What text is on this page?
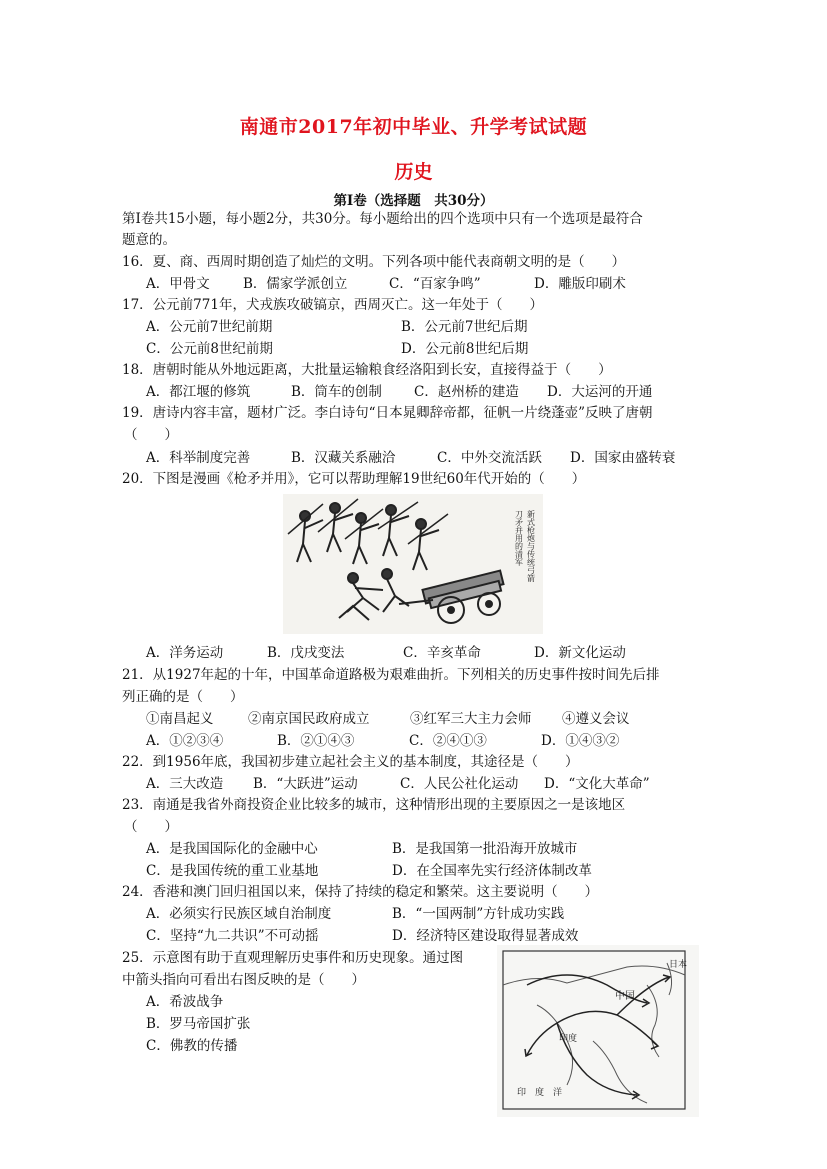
南通市2017年初中毕业、升学考试试题
历史
第Ⅰ卷（选择题　共30分）
第Ⅰ卷共15小题，每小题2分，共30分。每小题给出的四个选项中只有一个选项是最符合
题意的。
16．夏、商、西周时期创造了灿烂的文明。下列各项中能代表商朝文明的是（　　）
A．甲骨文 B．儒家学派创立	C．“百家争鸣”	D．雕版印刷术
17．公元前771年，犬戎族攻破镐京，西周灭亡。这一年处于（　　）
A．公元前7世纪前期	B．公元前7世纪后期
C．公元前8世纪前期	D．公元前8世纪后期
18．唐朝时能从外地远距离，大批量运输粮食经洛阳到长安，直接得益于（　　）
A．都江堰的修筑	B．筒车的创制 C．赵州桥的建造 D．大运河的开通
19．唐诗内容丰富，题材广泛。李白诗句“日本晁卿辞帝都，征帆一片绕蓬壶”反映了唐朝
（　　）
A．科举制度完善	B．汉藏关系融洽	C．中外交流活跃 D．国家由盛转衰
20．下图是漫画《枪矛并用》，它可以帮助理解19世纪60年代开始的（　　）
刀矛并用的清军 新式枪炮与传统弓箭
A．洋务运动	B．戊戌变法	C．辛亥革命	D．新文化运动
21．从1927年起的十年，中国革命道路极为艰难曲折。下列相关的历史事件按时间先后排
列正确的是（　　）
①南昌起义	②南京国民政府成立	③红军三大主力会师 ④遵义会议
A．①②③④	B．②①④③	C．②④①③	D．①④③②
22．到1956年底，我国初步建立起社会主义的基本制度，其途径是（　　）
A．三大改造 B．“大跃进”运动	C．人民公社化运动 D．“文化大革命”
23．南通是我省外商投资企业比较多的城市，这种情形出现的主要原因之一是该地区
（　　）
A．是我国国际化的金融中心	B．是我国第一批沿海开放城市
C．是我国传统的重工业基地	D．在全国率先实行经济体制改革
24．香港和澳门回归祖国以来，保持了持续的稳定和繁荣。这主要说明（　　）
A．必须实行民族区域自治制度	B．“一国两制”方针成功实践
C．坚持“九二共识”不可动摇	D．经济特区建设取得显著成效
25．示意图有助于直观理解历史事件和历史现象。通过图
中箭头指向可看出右图反映的是（　　）
A．希波战争
B．罗马帝国扩张
C．佛教的传播
中国
印度
日本
印　度　洋
